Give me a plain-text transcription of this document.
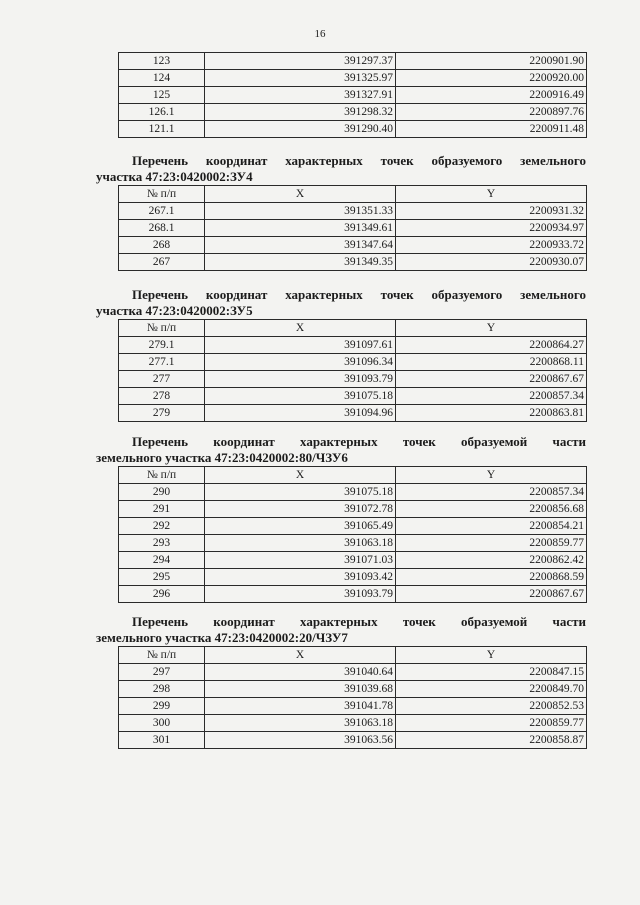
16
123	391297.37	2200901.90
124	391325.97	2200920.00
125	391327.91	2200916.49
126.1	391298.32	2200897.76
121.1	391290.40	2200911.48
Перечень координат характерных точек образуемого земельного
участка 47:23:0420002:ЗУ4
№ п/п	X	Y
267.1	391351.33	2200931.32
268.1	391349.61	2200934.97
268	391347.64	2200933.72
267	391349.35	2200930.07
Перечень координат характерных точек образуемого земельного
участка 47:23:0420002:ЗУ5
№ п/п	X	Y
279.1	391097.61	2200864.27
277.1	391096.34	2200868.11
277	391093.79	2200867.67
278	391075.18	2200857.34
279	391094.96	2200863.81
Перечень координат характерных точек образуемой части
земельного участка 47:23:0420002:80/ЧЗУ6
№ п/п	X	Y
290	391075.18	2200857.34
291	391072.78	2200856.68
292	391065.49	2200854.21
293	391063.18	2200859.77
294	391071.03	2200862.42
295	391093.42	2200868.59
296	391093.79	2200867.67
Перечень координат характерных точек образуемой части
земельного участка 47:23:0420002:20/ЧЗУ7
№ п/п	X	Y
297	391040.64	2200847.15
298	391039.68	2200849.70
299	391041.78	2200852.53
300	391063.18	2200859.77
301	391063.56	2200858.87
